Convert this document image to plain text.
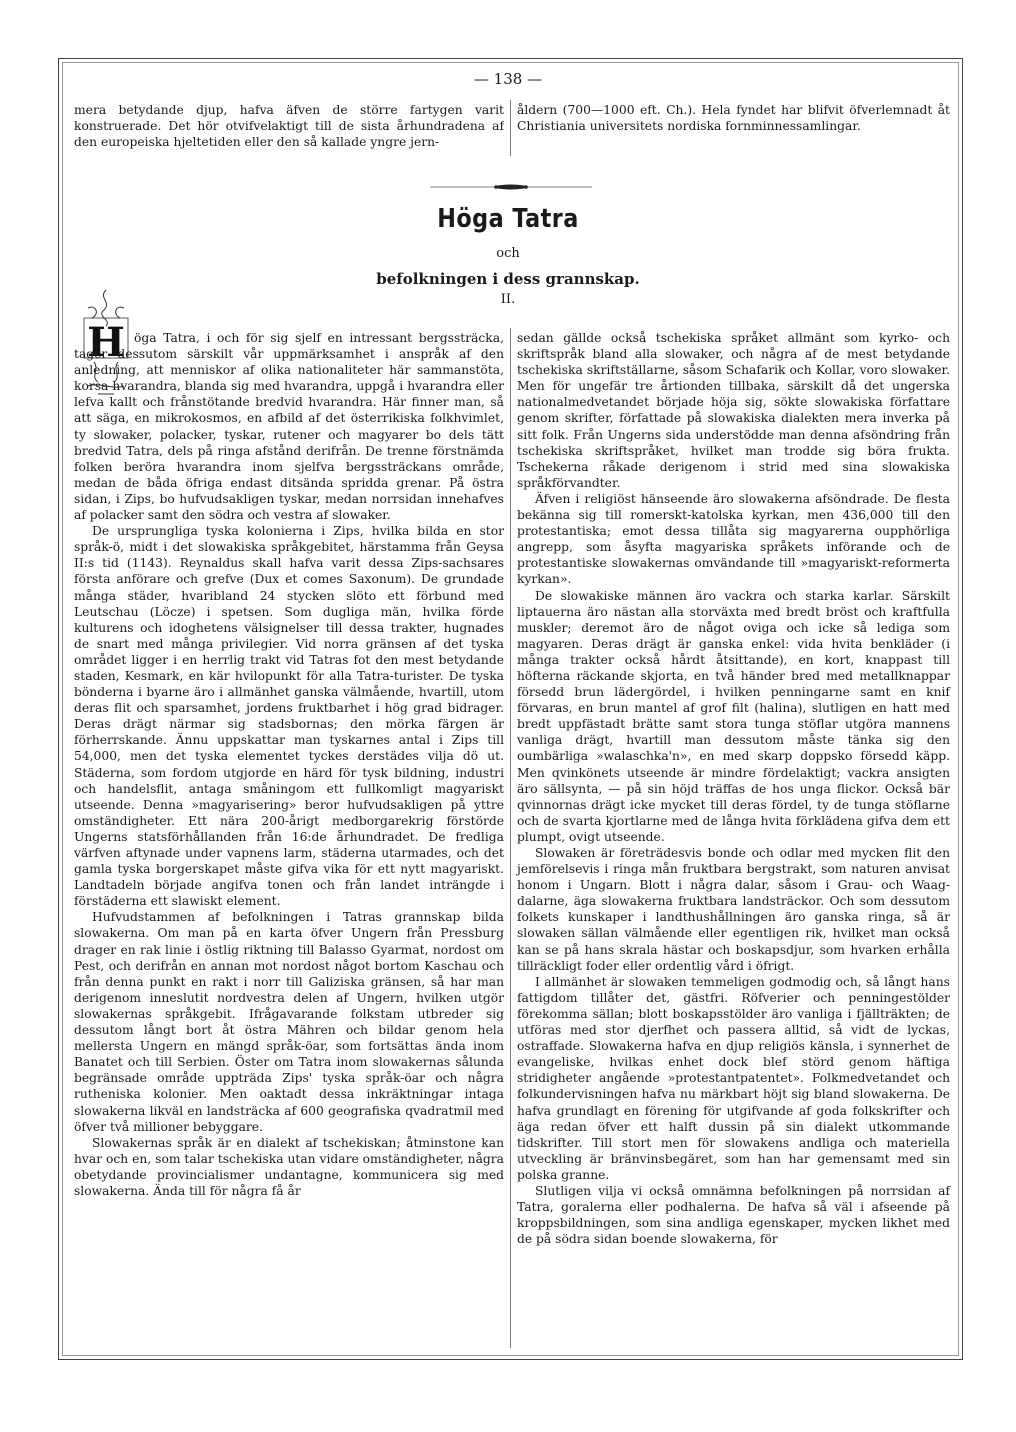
— 138 —

mera betydande djup, hafva äfven de större fartygen varit konstruerade. Det hör otvifvelaktigt till de sista århundradena af den europeiska hjeltetiden eller den så kallade yngre jern-

åldern (700—1000 eft. Ch.). Hela fyndet har blifvit öfverlemnadt åt Christiania universitets nordiska fornminnessamlingar.

Höga Tatra
och
befolkningen i dess grannskap.
II.
H öga Tatra, i och för sig sjelf en intressant bergssträcka, tager dessutom särskilt vår uppmärksamhet i anspråk af den anledning, att menniskor af olika nationaliteter här sammanstöta, korsa hvarandra, blanda sig med hvarandra, uppgå i hvarandra eller lefva kallt och frånstötande bredvid hvarandra. Här finner man, så att säga, en mikrokosmos, en afbild af det österrikiska folkhvimlet, ty slowaker, polacker, tyskar, rutener och magyarer bo dels tätt bredvid Tatra, dels på ringa afstånd derifrån. De trenne förstnämda folken beröra hvarandra inom sjelfva bergssträckans område, medan de båda öfriga endast ditsända spridda grenar. På östra sidan, i Zips, bo hufvudsakligen tyskar, medan norrsidan innehafves af polacker samt den södra och vestra af slowaker.

De ursprungliga tyska kolonierna i Zips, hvilka bilda en stor språk-ö, midt i det slowakiska språkgebitet, härstamma från Geysa II:s tid (1143). Reynaldus skall hafva varit dessa Zips-sachsares första anförare och grefve (Dux et comes Saxonum). De grundade många städer, hvaribland 24 stycken slöto ett förbund med Leutschau (Löcze) i spetsen. Som dugliga män, hvilka förde kulturens och idoghetens välsignelser till dessa trakter, hugnades de snart med många privilegier. Vid norra gränsen af det tyska området ligger i en herrlig trakt vid Tatras fot den mest betydande staden, Kesmark, en kär hvilopunkt för alla Tatra-turister. De tyska bönderna i byarne äro i allmänhet ganska välmående, hvartill, utom deras flit och sparsamhet, jordens fruktbarhet i hög grad bidrager. Deras drägt närmar sig stadsbornas; den mörka färgen är förherrskande. Ännu uppskattar man tyskarnes antal i Zips till 54,000, men det tyska elementet tyckes derstädes vilja dö ut. Städerna, som fordom utgjorde en härd för tysk bildning, industri och handelsflit, antaga småningom ett fullkomligt magyariskt utseende. Denna »magyarisering» beror hufvudsakligen på yttre omständigheter. Ett nära 200-årigt medborgarekrig förstörde Ungerns statsförhållanden från 16:de århundradet. De fredliga värfven aftynade under vapnens larm, städerna utarmades, och det gamla tyska borgerskapet måste gifva vika för ett nytt magyariskt. Landtadeln började angifva tonen och från landet inträngde i förstäderna ett slawiskt element.

Hufvudstammen af befolkningen i Tatras grannskap bilda slowakerna. Om man på en karta öfver Ungern från Pressburg drager en rak linie i östlig riktning till Balasso Gyarmat, nordost om Pest, och derifrån en annan mot nordost något bortom Kaschau och från denna punkt en rakt i norr till Galiziska gränsen, så har man derigenom inneslutit nordvestra delen af Ungern, hvilken utgör slowakernas språkgebit. Ifrågavarande folkstam utbreder sig dessutom långt bort åt östra Mähren och bildar genom hela mellersta Ungern en mängd språk-öar, som fortsättas ända inom Banatet och till Serbien. Öster om Tatra inom slowakernas sålunda begränsade område uppträda Zips' tyska språk-öar och några rutheniska kolonier. Men oaktadt dessa inkräktningar intaga slowakerna likväl en landsträcka af 600 geografiska qvadratmil med öfver två millioner bebyggare.

Slowakernas språk är en dialekt af tschekiskan; åtminstone kan hvar och en, som talar tschekiska utan vidare omständigheter, några obetydande provincialismer undantagne, kommunicera sig med slowakerna. Ända till för några få år

sedan gällde också tschekiska språket allmänt som kyrko- och skriftspråk bland alla slowaker, och några af de mest betydande tschekiska skriftställarne, såsom Schafarik och Kollar, voro slowaker. Men för ungefär tre årtionden tillbaka, särskilt då det ungerska nationalmedvetandet började höja sig, sökte slowakiska författare genom skrifter, författade på slowakiska dialekten mera inverka på sitt folk. Från Ungerns sida understödde man denna afsöndring från tschekiska skriftspråket, hvilket man trodde sig böra frukta. Tschekerna råkade derigenom i strid med sina slowakiska språkförvandter.

Äfven i religiöst hänseende äro slowakerna afsöndrade. De flesta bekänna sig till romerskt-katolska kyrkan, men 436,000 till den protestantiska; emot dessa tillåta sig magyarerna oupphörliga angrepp, som åsyfta magyariska språkets införande och de protestantiske slowakernas omvändande till »magyariskt-reformerta kyrkan».

De slowakiske männen äro vackra och starka karlar. Särskilt liptauerna äro nästan alla storväxta med bredt bröst och kraftfulla muskler; deremot äro de något oviga och icke så lediga som magyaren. Deras drägt är ganska enkel: vida hvita benkläder (i många trakter också hårdt åtsittande), en kort, knappast till höfterna räckande skjorta, en två händer bred med metallknappar försedd brun lädergördel, i hvilken penningarne samt en knif förvaras, en brun mantel af grof filt (halina), slutligen en hatt med bredt uppfästadt brätte samt stora tunga stöflar utgöra mannens vanliga drägt, hvartill man dessutom måste tänka sig den oumbärliga »walaschka'n», en med skarp doppsko försedd käpp. Men qvinkönets utseende är mindre fördelaktigt; vackra ansigten äro sällsynta, — på sin höjd träffas de hos unga flickor. Också bär qvinnornas drägt icke mycket till deras fördel, ty de tunga stöflarne och de svarta kjortlarne med de långa hvita förklädena gifva dem ett plumpt, ovigt utseende.

Slowaken är företrädesvis bonde och odlar med mycken flit den jemförelsevis i ringa mån fruktbara bergstrakt, som naturen anvisat honom i Ungarn. Blott i några dalar, såsom i Grau- och Waag-dalarne, äga slowakerna fruktbara landsträckor. Och som dessutom folkets kunskaper i landthushållningen äro ganska ringa, så är slowaken sällan välmående eller egentligen rik, hvilket man också kan se på hans skrala hästar och boskapsdjur, som hvarken erhålla tillräckligt foder eller ordentlig vård i öfrigt.

I allmänhet är slowaken temmeligen godmodig och, så långt hans fattigdom tillåter det, gästfri. Röfverier och penningestölder förekomma sällan; blott boskapsstölder äro vanliga i fjällträkten; de utföras med stor djerfhet och passera alltid, så vidt de lyckas, ostraffade. Slowakerna hafva en djup religiös känsla, i synnerhet de evangeliske, hvilkas enhet dock blef störd genom häftiga stridigheter angående »protestantpatentet». Folkmedvetandet och folkundervisningen hafva nu märkbart höjt sig bland slowakerna. De hafva grundlagt en förening för utgifvande af goda folkskrifter och äga redan öfver ett halft dussin på sin dialekt utkommande tidskrifter. Till stort men för slowakens andliga och materiella utveckling är bränvinsbegäret, som han har gemensamt med sin polska granne.

Slutligen vilja vi också omnämna befolkningen på norrsidan af Tatra, goralerna eller podhalerna. De hafva så väl i afseende på kroppsbildningen, som sina andliga egenskaper, mycken likhet med de på södra sidan boende slowakerna, för
